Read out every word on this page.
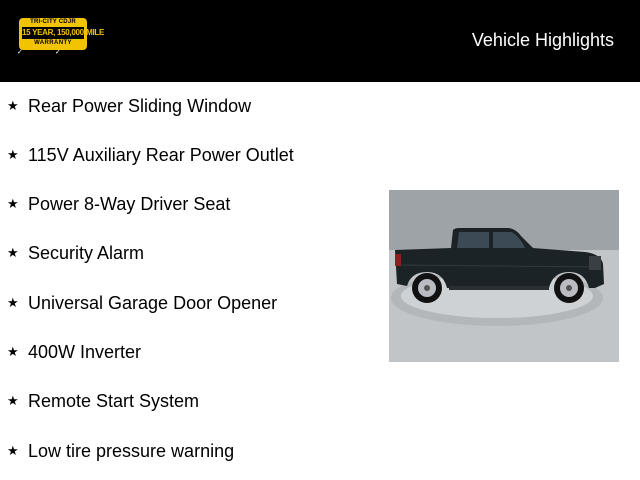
TRI-CITY CDJR
15 YEAR, 150,000-MILE
WARRANTY
✓	✓
Vehicle Highlights
★ Rear Power Sliding Window
★ 115V Auxiliary Rear Power Outlet
★ Power 8-Way Driver Seat
★ Security Alarm
★ Universal Garage Door Opener
★ 400W Inverter
★ Remote Start System
★ Low tire pressure warning
